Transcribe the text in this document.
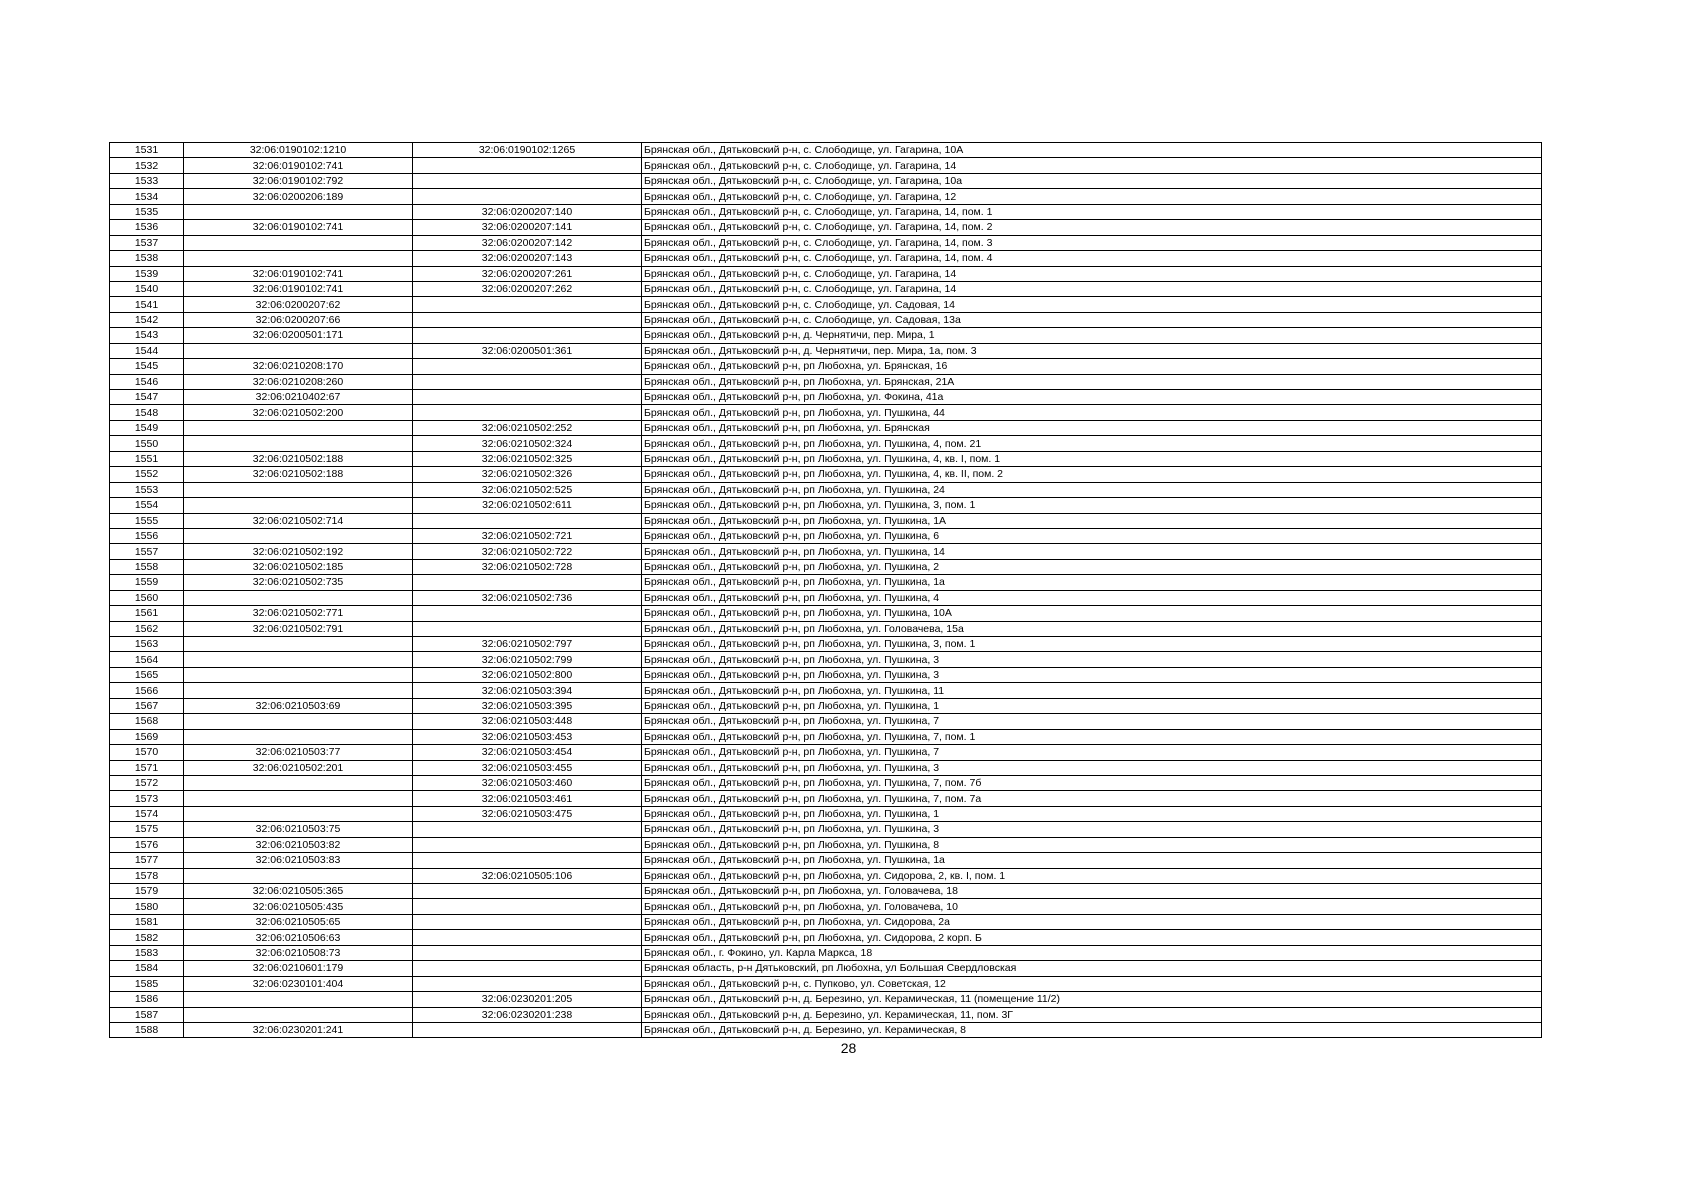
1531	32:06:0190102:1210	32:06:0190102:1265	Брянская обл., Дятьковский р-н, с. Слободище, ул. Гагарина, 10А
1532	32:06:0190102:741		Брянская обл., Дятьковский р-н, с. Слободище, ул. Гагарина, 14
1533	32:06:0190102:792		Брянская обл., Дятьковский р-н, с. Слободище, ул. Гагарина, 10а
1534	32:06:0200206:189		Брянская обл., Дятьковский р-н, с. Слободище, ул. Гагарина, 12
1535		32:06:0200207:140	Брянская обл., Дятьковский р-н, с. Слободище, ул. Гагарина, 14, пом. 1
1536	32:06:0190102:741	32:06:0200207:141	Брянская обл., Дятьковский р-н, с. Слободище, ул. Гагарина, 14, пом. 2
1537		32:06:0200207:142	Брянская обл., Дятьковский р-н, с. Слободище, ул. Гагарина, 14, пом. 3
1538		32:06:0200207:143	Брянская обл., Дятьковский р-н, с. Слободище, ул. Гагарина, 14, пом. 4
1539	32:06:0190102:741	32:06:0200207:261	Брянская обл., Дятьковский р-н, с. Слободище, ул. Гагарина, 14
1540	32:06:0190102:741	32:06:0200207:262	Брянская обл., Дятьковский р-н, с. Слободище, ул. Гагарина, 14
1541	32:06:0200207:62		Брянская обл., Дятьковский р-н, с. Слободище, ул. Садовая, 14
1542	32:06:0200207:66		Брянская обл., Дятьковский р-н, с. Слободище, ул. Садовая, 13а
1543	32:06:0200501:171		Брянская обл., Дятьковский р-н, д. Чернятичи, пер. Мира, 1
1544		32:06:0200501:361	Брянская обл., Дятьковский р-н, д. Чернятичи, пер. Мира, 1а, пом. 3
1545	32:06:0210208:170		Брянская обл., Дятьковский р-н, рп Любохна, ул. Брянская, 16
1546	32:06:0210208:260		Брянская обл., Дятьковский р-н, рп Любохна, ул. Брянская, 21А
1547	32:06:0210402:67		Брянская обл., Дятьковский р-н, рп Любохна, ул. Фокина, 41а
1548	32:06:0210502:200		Брянская обл., Дятьковский р-н, рп Любохна, ул. Пушкина, 44
1549		32:06:0210502:252	Брянская обл., Дятьковский р-н, рп Любохна, ул. Брянская
1550		32:06:0210502:324	Брянская обл., Дятьковский р-н, рп Любохна, ул. Пушкина, 4, пом. 21
1551	32:06:0210502:188	32:06:0210502:325	Брянская обл., Дятьковский р-н, рп Любохна, ул. Пушкина, 4, кв. I, пом. 1
1552	32:06:0210502:188	32:06:0210502:326	Брянская обл., Дятьковский р-н, рп Любохна, ул. Пушкина, 4, кв. II, пом. 2
1553		32:06:0210502:525	Брянская обл., Дятьковский р-н, рп Любохна, ул. Пушкина, 24
1554		32:06:0210502:611	Брянская обл., Дятьковский р-н, рп Любохна, ул. Пушкина, 3, пом. 1
1555	32:06:0210502:714		Брянская обл., Дятьковский р-н, рп Любохна, ул. Пушкина, 1А
1556		32:06:0210502:721	Брянская обл., Дятьковский р-н, рп Любохна, ул. Пушкина, 6
1557	32:06:0210502:192	32:06:0210502:722	Брянская обл., Дятьковский р-н, рп Любохна, ул. Пушкина, 14
1558	32:06:0210502:185	32:06:0210502:728	Брянская обл., Дятьковский р-н, рп Любохна, ул. Пушкина, 2
1559	32:06:0210502:735		Брянская обл., Дятьковский р-н, рп Любохна, ул. Пушкина, 1а
1560		32:06:0210502:736	Брянская обл., Дятьковский р-н, рп Любохна, ул. Пушкина, 4
1561	32:06:0210502:771		Брянская обл., Дятьковский р-н, рп Любохна, ул. Пушкина, 10А
1562	32:06:0210502:791		Брянская обл., Дятьковский р-н, рп Любохна, ул. Головачева, 15а
1563		32:06:0210502:797	Брянская обл., Дятьковский р-н, рп Любохна, ул. Пушкина, 3, пом. 1
1564		32:06:0210502:799	Брянская обл., Дятьковский р-н, рп Любохна, ул. Пушкина, 3
1565		32:06:0210502:800	Брянская обл., Дятьковский р-н, рп Любохна, ул. Пушкина, 3
1566		32:06:0210503:394	Брянская обл., Дятьковский р-н, рп Любохна, ул. Пушкина, 11
1567	32:06:0210503:69	32:06:0210503:395	Брянская обл., Дятьковский р-н, рп Любохна, ул. Пушкина, 1
1568		32:06:0210503:448	Брянская обл., Дятьковский р-н, рп Любохна, ул. Пушкина, 7
1569		32:06:0210503:453	Брянская обл., Дятьковский р-н, рп Любохна, ул. Пушкина, 7, пом. 1
1570	32:06:0210503:77	32:06:0210503:454	Брянская обл., Дятьковский р-н, рп Любохна, ул. Пушкина, 7
1571	32:06:0210502:201	32:06:0210503:455	Брянская обл., Дятьковский р-н, рп Любохна, ул. Пушкина, 3
1572		32:06:0210503:460	Брянская обл., Дятьковский р-н, рп Любохна, ул. Пушкина, 7, пом. 7б
1573		32:06:0210503:461	Брянская обл., Дятьковский р-н, рп Любохна, ул. Пушкина, 7, пом. 7а
1574		32:06:0210503:475	Брянская обл., Дятьковский р-н, рп Любохна, ул. Пушкина, 1
1575	32:06:0210503:75		Брянская обл., Дятьковский р-н, рп Любохна, ул. Пушкина, 3
1576	32:06:0210503:82		Брянская обл., Дятьковский р-н, рп Любохна, ул. Пушкина, 8
1577	32:06:0210503:83		Брянская обл., Дятьковский р-н, рп Любохна, ул. Пушкина, 1а
1578		32:06:0210505:106	Брянская обл., Дятьковский р-н, рп Любохна, ул. Сидорова, 2, кв. I, пом. 1
1579	32:06:0210505:365		Брянская обл., Дятьковский р-н, рп Любохна, ул. Головачева, 18
1580	32:06:0210505:435		Брянская обл., Дятьковский р-н, рп Любохна, ул. Головачева, 10
1581	32:06:0210505:65		Брянская обл., Дятьковский р-н, рп Любохна, ул. Сидорова, 2а
1582	32:06:0210506:63		Брянская обл., Дятьковский р-н, рп Любохна, ул. Сидорова, 2 корп. Б
1583	32:06:0210508:73		Брянская обл., г. Фокино, ул. Карла Маркса, 18
1584	32:06:0210601:179		Брянская область, р-н Дятьковский, рп Любохна, ул Большая Свердловская
1585	32:06:0230101:404		Брянская обл., Дятьковский р-н, с. Пупково, ул. Советская, 12
1586		32:06:0230201:205	Брянская обл., Дятьковский р-н, д. Березино, ул. Керамическая, 11 (помещение 11/2)
1587		32:06:0230201:238	Брянская обл., Дятьковский р-н, д. Березино, ул. Керамическая, 11, пом. 3Г
1588	32:06:0230201:241		Брянская обл., Дятьковский р-н, д. Березино, ул. Керамическая, 8
28
